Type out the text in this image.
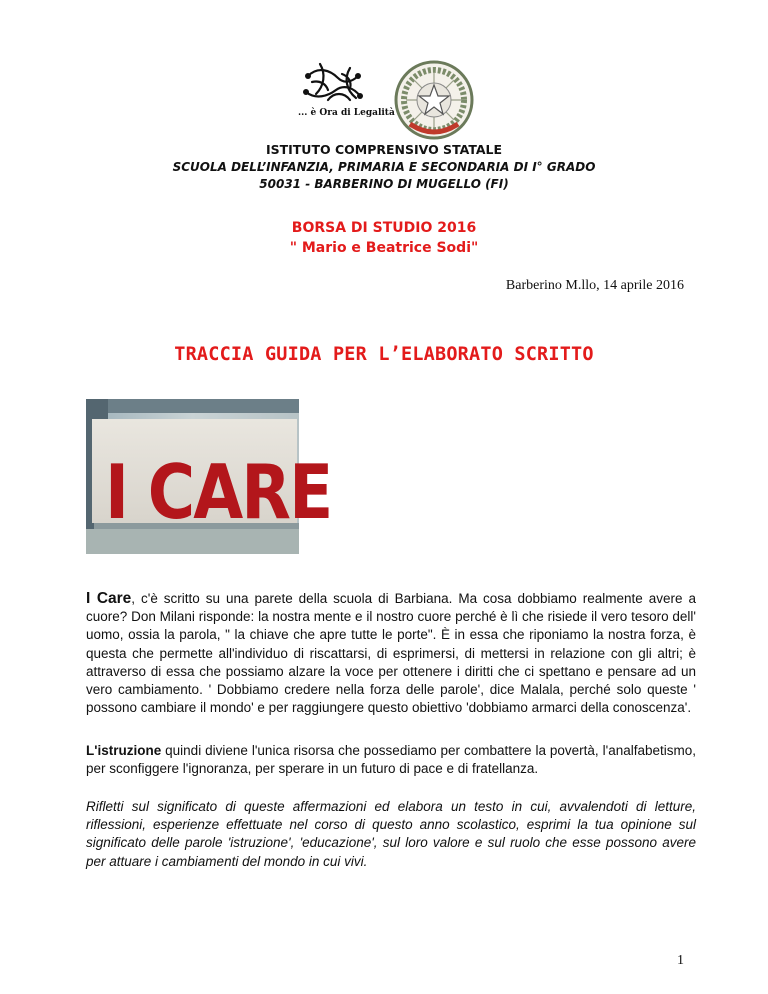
... è Ora di Legalità
ISTITUTO COMPRENSIVO STATALE
SCUOLA DELL’INFANZIA, PRIMARIA E SECONDARIA DI I° GRADO
50031 - BARBERINO DI MUGELLO (FI)
BORSA DI STUDIO 2016
" Mario e Beatrice Sodi"
Barberino M.llo, 14 aprile 2016
TRACCIA GUIDA PER L’ELABORATO SCRITTO
I CARE
I Care, c'è scritto su una parete della scuola di Barbiana. Ma cosa dobbiamo realmente avere a cuore? Don Milani risponde: la nostra mente e il nostro cuore perché è lì che risiede il vero tesoro dell' uomo, ossia la parola, " la chiave che apre tutte le porte". È in essa che riponiamo la nostra forza, è questa che permette all'individuo di riscattarsi, di esprimersi, di mettersi in relazione con gli altri; è attraverso di essa che possiamo alzare la voce per ottenere i diritti che ci spettano e pensare ad un vero cambiamento. ' Dobbiamo credere nella forza delle parole', dice Malala, perché solo queste ' possono cambiare il mondo' e per raggiungere questo obiettivo 'dobbiamo armarci della conoscenza'.
L'istruzione quindi diviene l'unica risorsa che possediamo per combattere la povertà, l'analfabetismo, per sconfiggere l'ignoranza, per sperare in un futuro di pace e di fratellanza.
Rifletti sul significato di queste affermazioni ed elabora un testo in cui, avvalendoti di letture, riflessioni, esperienze effettuate nel corso di questo anno scolastico, esprimi la tua opinione sul significato delle parole 'istruzione', 'educazione', sul loro valore e sul ruolo che esse possono avere per attuare i cambiamenti del mondo in cui vivi.
1
